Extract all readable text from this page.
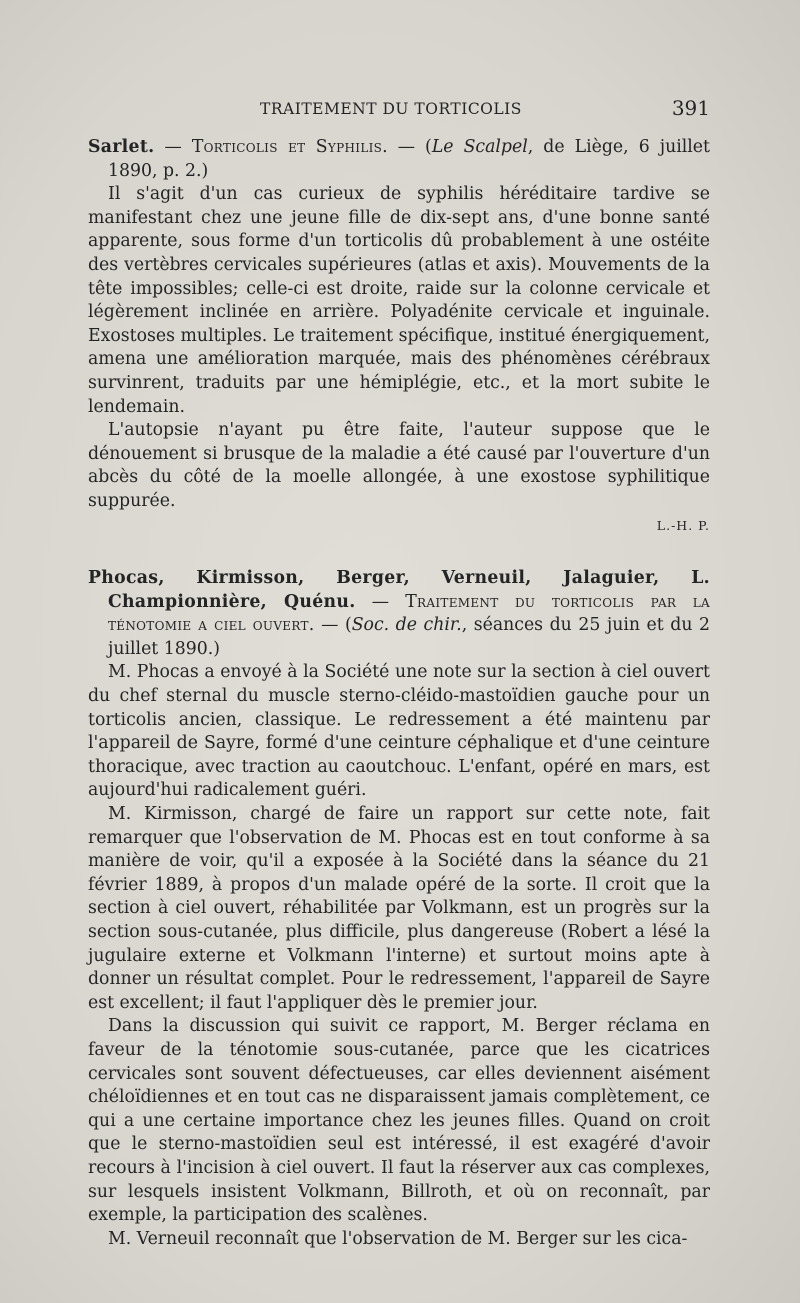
TRAITEMENT DU TORTICOLIS	391

Sarlet. — Torticolis et Syphilis. — (Le Scalpel, de Liège, 6 juillet 1890, p. 2.)

Il s'agit d'un cas curieux de syphilis héréditaire tardive se manifestant chez une jeune fille de dix-sept ans, d'une bonne santé apparente, sous forme d'un torticolis dû probablement à une ostéite des vertèbres cervicales supérieures (atlas et axis). Mouvements de la tête impossibles; celle-ci est droite, raide sur la colonne cervicale et légèrement inclinée en arrière. Polyadénite cervicale et inguinale. Exostoses multiples. Le traitement spécifique, institué énergiquement, amena une amélioration marquée, mais des phénomènes cérébraux survinrent, traduits par une hémiplégie, etc., et la mort subite le lendemain.

L'autopsie n'ayant pu être faite, l'auteur suppose que le dénouement si brusque de la maladie a été causé par l'ouverture d'un abcès du côté de la moelle allongée, à une exostose syphilitique suppurée.

L.-H. P.

Phocas, Kirmisson, Berger, Verneuil, Jalaguier, L. Championnière, Quénu. — Traitement du torticolis par la ténotomie a ciel ouvert. — (Soc. de chir., séances du 25 juin et du 2 juillet 1890.)

M. Phocas a envoyé à la Société une note sur la section à ciel ouvert du chef sternal du muscle sterno-cléido-mastoïdien gauche pour un torticolis ancien, classique. Le redressement a été maintenu par l'appareil de Sayre, formé d'une ceinture céphalique et d'une ceinture thoracique, avec traction au caoutchouc. L'enfant, opéré en mars, est aujourd'hui radicalement guéri.

M. Kirmisson, chargé de faire un rapport sur cette note, fait remarquer que l'observation de M. Phocas est en tout conforme à sa manière de voir, qu'il a exposée à la Société dans la séance du 21 février 1889, à propos d'un malade opéré de la sorte. Il croit que la section à ciel ouvert, réhabilitée par Volkmann, est un progrès sur la section sous-cutanée, plus difficile, plus dangereuse (Robert a lésé la jugulaire externe et Volkmann l'interne) et surtout moins apte à donner un résultat complet. Pour le redressement, l'appareil de Sayre est excellent; il faut l'appliquer dès le premier jour.

Dans la discussion qui suivit ce rapport, M. Berger réclama en faveur de la ténotomie sous-cutanée, parce que les cicatrices cervicales sont souvent défectueuses, car elles deviennent aisément chéloïdiennes et en tout cas ne disparaissent jamais complètement, ce qui a une certaine importance chez les jeunes filles. Quand on croit que le sterno-mastoïdien seul est intéressé, il est exagéré d'avoir recours à l'incision à ciel ouvert. Il faut la réserver aux cas complexes, sur lesquels insistent Volkmann, Billroth, et où on reconnaît, par exemple, la participation des scalènes.

M. Verneuil reconnaît que l'observation de M. Berger sur les cica-
